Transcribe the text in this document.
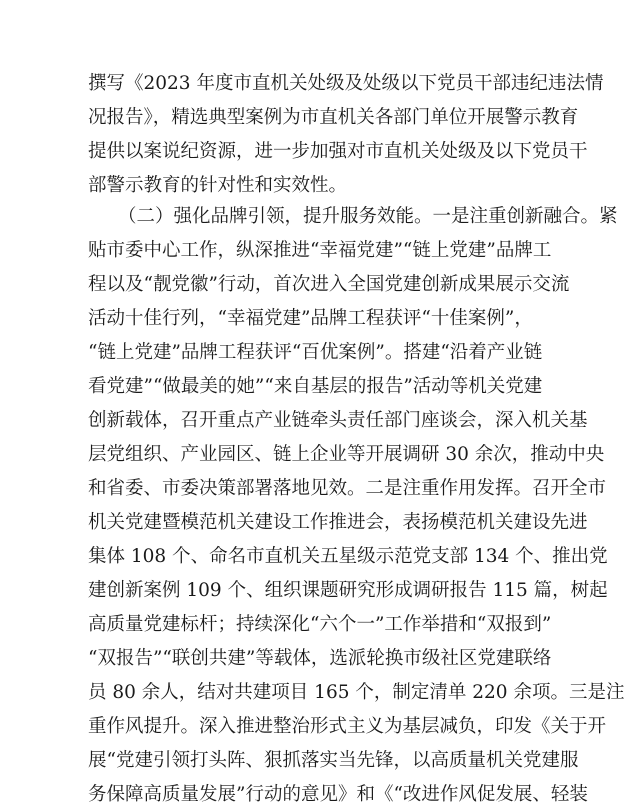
撰写《2023 年度市直机关处级及处级以下党员干部违纪违法情
况报告》，精选典型案例为市直机关各部门单位开展警示教育
提供以案说纪资源，进一步加强对市直机关处级及以下党员干
部警示教育的针对性和实效性。
（二）强化品牌引领，提升服务效能。一是注重创新融合。紧
贴市委中心工作，纵深推进“幸福党建”“链上党建”品牌工
程以及“靓党徽”行动，首次进入全国党建创新成果展示交流
活动十佳行列，“幸福党建”品牌工程获评“十佳案例”，
“链上党建”品牌工程获评“百优案例”。搭建“沿着产业链
看党建”“做最美的她”“来自基层的报告”活动等机关党建
创新载体，召开重点产业链牵头责任部门座谈会，深入机关基
层党组织、产业园区、链上企业等开展调研 30 余次，推动中央
和省委、市委决策部署落地见效。二是注重作用发挥。召开全市
机关党建暨模范机关建设工作推进会，表扬模范机关建设先进
集体 108 个、命名市直机关五星级示范党支部 134 个、推出党
建创新案例 109 个、组织课题研究形成调研报告 115 篇，树起
高质量党建标杆；持续深化“六个一”工作举措和“双报到”
“双报告”“联创共建”等载体，选派轮换市级社区党建联络
员 80 余人，结对共建项目 165 个，制定清单 220 余项。三是注
重作风提升。深入推进整治形式主义为基层减负，印发《关于开
展“党建引领打头阵、狠抓落实当先锋，以高质量机关党建服
务保障高质量发展”行动的意见》和《“改进作风促发展、轻装
